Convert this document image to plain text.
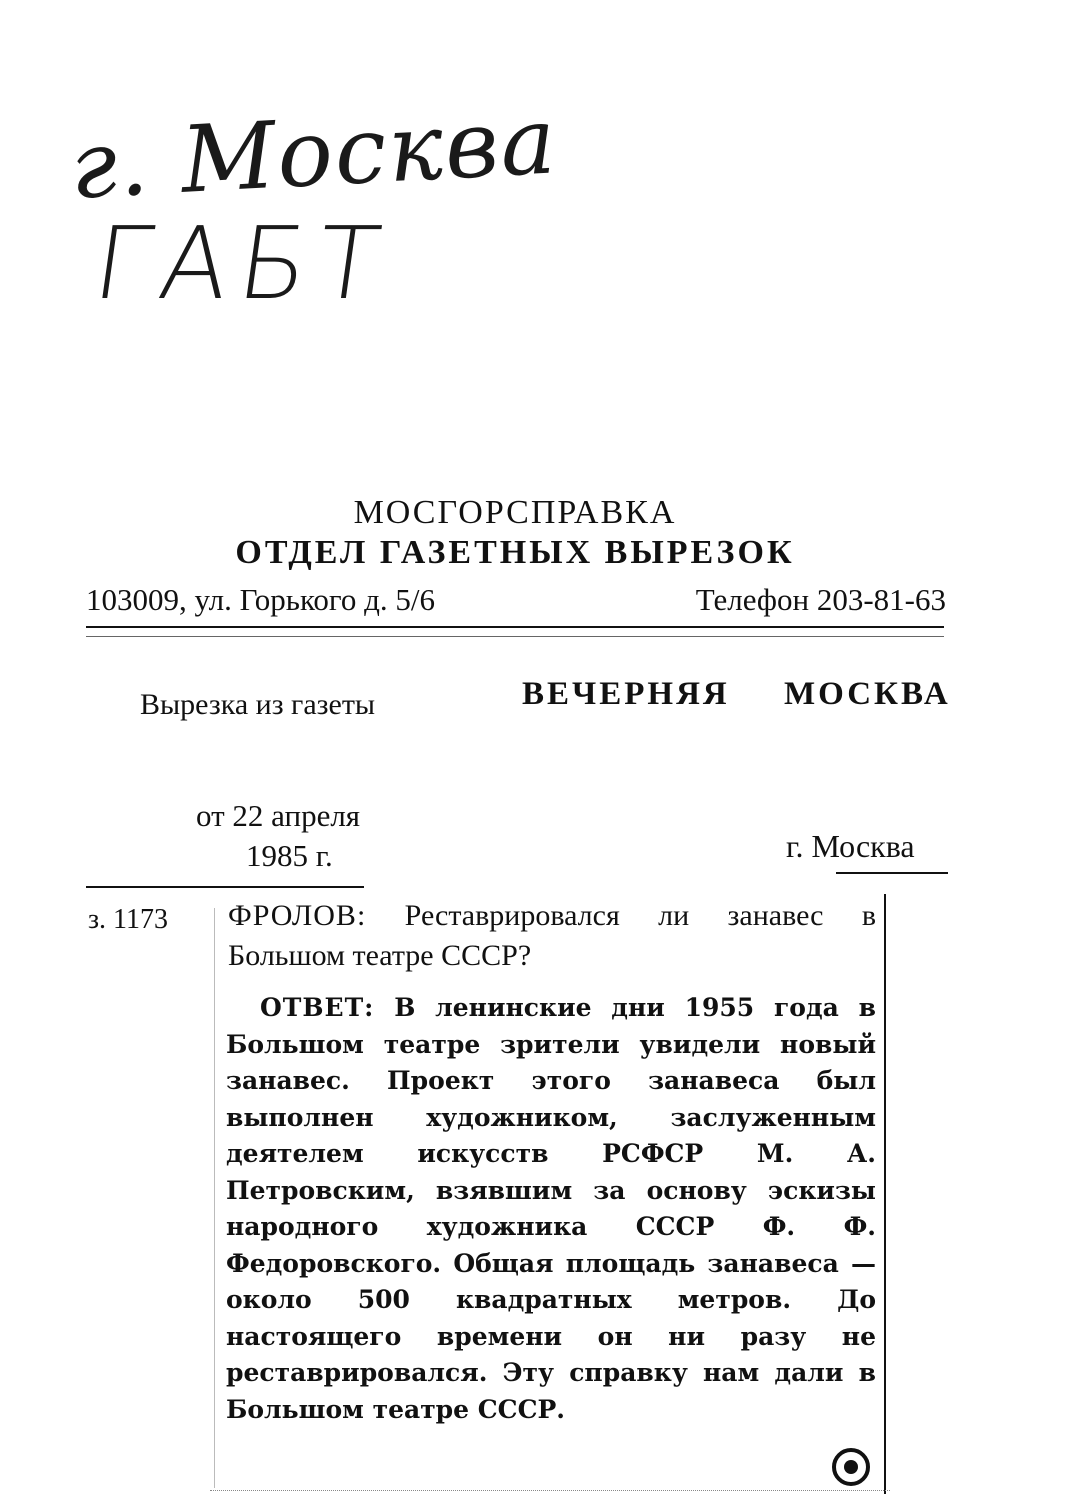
г. Москва
ГАБТ
МОСГОРСПРАВКА
ОТДЕЛ ГАЗЕТНЫХ ВЫРЕЗОК
103009, ул. Горького д. 5/6	Телефон 203-81-63
Вырезка из газеты	ВЕЧЕРНЯЯ МОСКВА
от 22 апреля
1985 г.	г. Москва
з. 1173	ФРОЛОВ: Реставрировался ли занавес в Большом театре СССР?

ОТВЕТ: В ленинские дни 1955 года в Большом театре зрители увидели новый занавес. Проект этого занавеса был выполнен художником, заслуженным деятелем искусств РСФСР М. А. Петровским, взявшим за основу эскизы народного художника СССР Ф. Ф. Федоровского. Общая площадь занавеса — около 500 квадратных метров. До настоящего времени он ни разу не реставрировался. Эту справку нам дали в Большом театре СССР.
